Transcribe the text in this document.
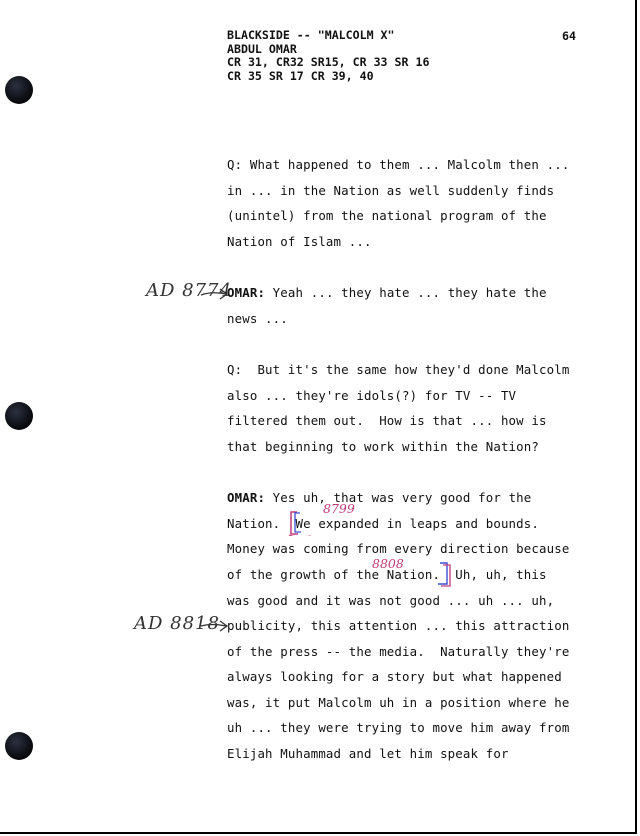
BLACKSIDE -- "MALCOLM X"
ABDUL OMAR
CR 31, CR32 SR15, CR 33 SR 16
CR 35 SR 17 CR 39, 40
64
Q: What happened to them ... Malcolm then ...
in ... in the Nation as well suddenly finds
(unintel) from the national program of the
Nation of Islam ...
OMAR: Yeah ... they hate ... they hate the
news ...
Q:  But it's the same how they'd done Malcolm
also ... they're idols(?) for TV -- TV
filtered them out.  How is that ... how is
that beginning to work within the Nation?
OMAR: Yes uh, that was very good for the
Nation.  We expanded in leaps and bounds.
Money was coming from every direction because
of the growth of the Nation.  Uh, uh, this
was good and it was not good ... uh ... uh,
publicity, this attention ... this attraction
of the press -- the media.  Naturally they're
always looking for a story but what happened
was, it put Malcolm uh in a position where he
uh ... they were trying to move him away from
Elijah Muhammad and let him speak for
AD 8774
AD 8818
8799
8808
